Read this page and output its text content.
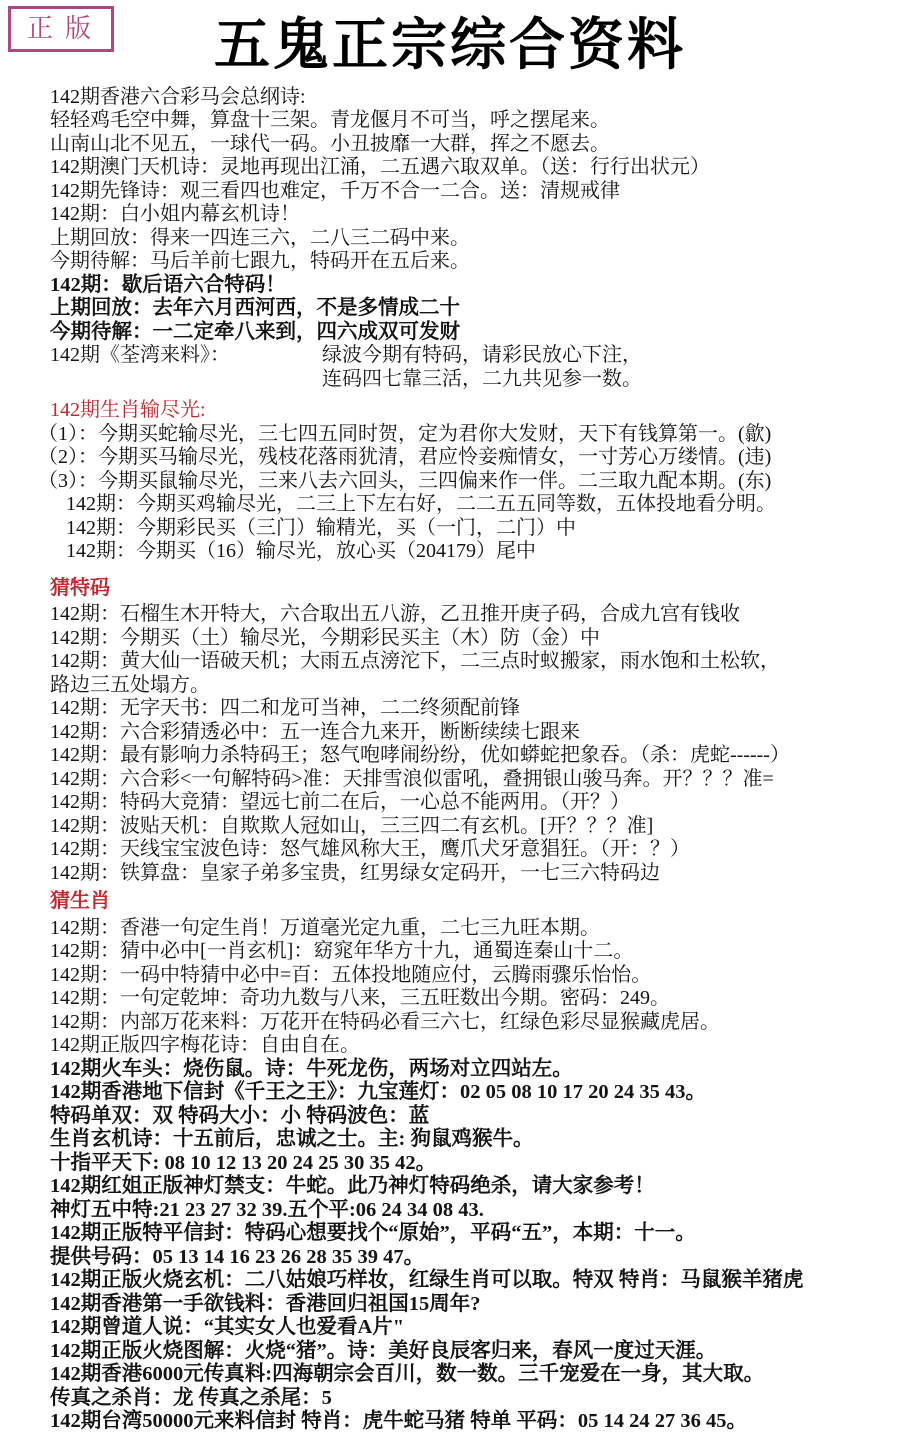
正版	五鬼正宗综合资料
142期香港六合彩马会总纲诗:
轻轻鸡毛空中舞，算盘十三架。青龙偃月不可当，呼之摆尾来。
山南山北不见五，一球代一码。小丑披靡一大群，挥之不愿去。
142期澳门天机诗：灵地再现出江涌，二五遇六取双单。（送：行行出状元）
142期先锋诗：观三看四也难定，千万不合一二合。送：清规戒律
142期：白小姐内幕玄机诗！
上期回放：得来一四连三六，二八三二码中来。
今期待解：马后羊前七跟九，特码开在五后来。
142期：歇后语六合特码！
上期回放：去年六月西河西，不是多情成二十
今期待解：一二定牵八来到，四六成双可发财
142期《荃湾来料》：	绿波今期有特码，请彩民放心下注，
连码四七靠三活，二九共见参一数。
142期生肖输尽光:
（1）：今期买蛇输尽光，三七四五同时贺，定为君你大发财，天下有钱算第一。(歙)
（2）：今期买马输尽光，残枝花落雨犹清，君应怜妾痴情女，一寸芳心万缕情。(违)
（3）：今期买鼠输尽光，三来八去六回头，三四偏来作一伴。二三取九配本期。(东)
142期：今期买鸡输尽光，二三上下左右好，二二五五同等数，五体投地看分明。
142期：今期彩民买（三门）输精光，买（一门，二门）中
142期：今期买（16）输尽光，放心买（204179）尾中
猜特码
142期：石榴生木开特大，六合取出五八游，乙丑推开庚子码，合成九宫有钱收
142期：今期买（土）输尽光，今期彩民买主（木）防（金）中
142期：黄大仙一语破天机；大雨五点滂沱下，二三点时蚁搬家，雨水饱和土松软，
路边三五处塌方。
142期：无字天书：四二和龙可当神，二二终须配前锋
142期：六合彩猜透必中：五一连合九来开，断断续续七跟来
142期：最有影响力杀特码王；怒气咆哮闹纷纷，优如蟒蛇把象吞。（杀：虎蛇------）
142期：六合彩<一句解特码>准：天排雪浪似雷吼，叠拥银山骏马奔。开？？？准=
142期：特码大竞猜：望远七前二在后，一心总不能两用。（开？）
142期：波贴天机：自欺欺人冠如山，三三四二有玄机。[开？？？准]
142期：天线宝宝波色诗：怒气雄风称大王，鹰爪犬牙意猖狂。（开：？）
142期：铁算盘：皇家子弟多宝贵，红男绿女定码开，一七三六特码边
猜生肖
142期：香港一句定生肖！万道毫光定九重，二七三九旺本期。
142期：猜中必中[一肖玄机]：窈窕年华方十九，通蜀连秦山十二。
142期：一码中特猜中必中=百：五体投地随应付，云腾雨骤乐怡怡。
142期：一句定乾坤：奇功九数与八来，三五旺数出今期。密码：249。
142期：内部万花来料：万花开在特码必看三六七，红绿色彩尽显猴藏虎居。
142期正版四字梅花诗：自由自在。
142期火车头：烧伤鼠。诗：牛死龙伤，两场对立四站左。
142期香港地下信封《千王之王》：九宝莲灯：02 05 08 10 17 20 24 35 43。
特码单双：双 特码大小：小 特码波色：蓝
生肖玄机诗：十五前后，忠诚之士。主: 狗鼠鸡猴牛。
十指平天下: 08 10 12 13 20 24 25 30 35 42。
142期红姐正版神灯禁支：牛蛇。此乃神灯特码绝杀，请大家参考！
神灯五中特:21 23 27 32 39.五个平:06 24 34 08 43.
142期正版特平信封：特码心想要找个“原始”，平码“五”，本期：十一。
提供号码：05 13 14 16 23 26 28 35 39 47。
142期正版火烧玄机：二八姑娘巧样妆，红绿生肖可以取。特双 特肖：马鼠猴羊猪虎
142期香港第一手欲钱料：香港回归祖国15周年?
142期曾道人说：“其实女人也爱看A片"
142期正版火烧图解：火烧“猪”。诗：美好良辰客归来，春风一度过天涯。
142期香港6000元传真料:四海朝宗会百川，数一数。三千宠爱在一身，其大取。
传真之杀肖：龙 传真之杀尾：5
142期台湾50000元来料信封 特肖：虎牛蛇马猪 特单 平码：05 14 24 27 36 45。
